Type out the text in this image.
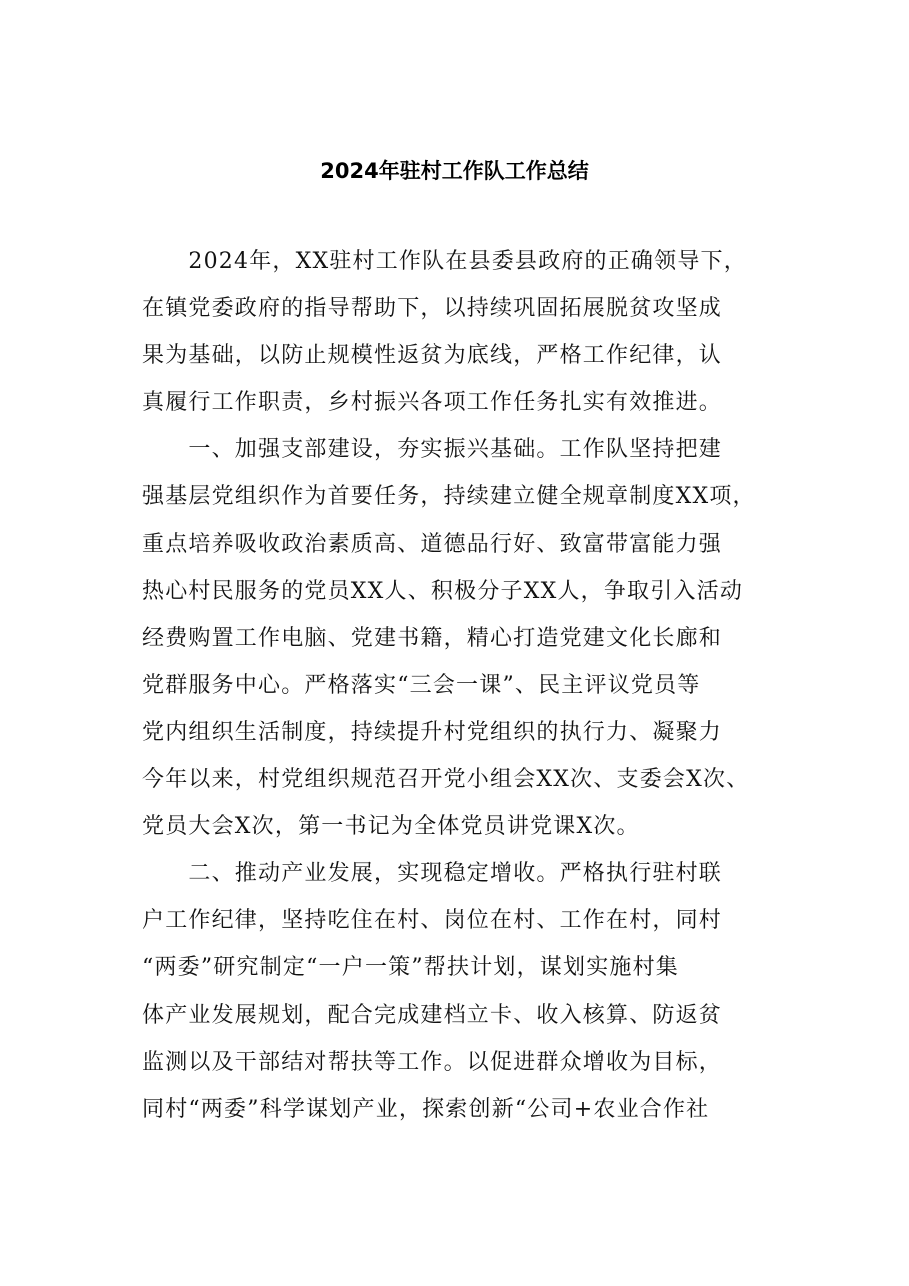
2024年驻村工作队工作总结
　　2024年，XX驻村工作队在县委县政府的正确领导下，
在镇党委政府的指导帮助下，以持续巩固拓展脱贫攻坚成
果为基础，以防止规模性返贫为底线，严格工作纪律，认
真履行工作职责，乡村振兴各项工作任务扎实有效推进。
　　一、加强支部建设，夯实振兴基础。工作队坚持把建
强基层党组织作为首要任务，持续建立健全规章制度XX项，
重点培养吸收政治素质高、道德品行好、致富带富能力强
热心村民服务的党员XX人、积极分子XX人，争取引入活动
经费购置工作电脑、党建书籍，精心打造党建文化长廊和
党群服务中心。严格落实“三会一课”、民主评议党员等
党内组织生活制度，持续提升村党组织的执行力、凝聚力
今年以来，村党组织规范召开党小组会XX次、支委会X次、
党员大会X次，第一书记为全体党员讲党课X次。
　　二、推动产业发展，实现稳定增收。严格执行驻村联
户工作纪律，坚持吃住在村、岗位在村、工作在村，同村
“两委”研究制定“一户一策”帮扶计划，谋划实施村集
体产业发展规划，配合完成建档立卡、收入核算、防返贫
监测以及干部结对帮扶等工作。以促进群众增收为目标，
同村“两委”科学谋划产业，探索创新“公司+农业合作社
